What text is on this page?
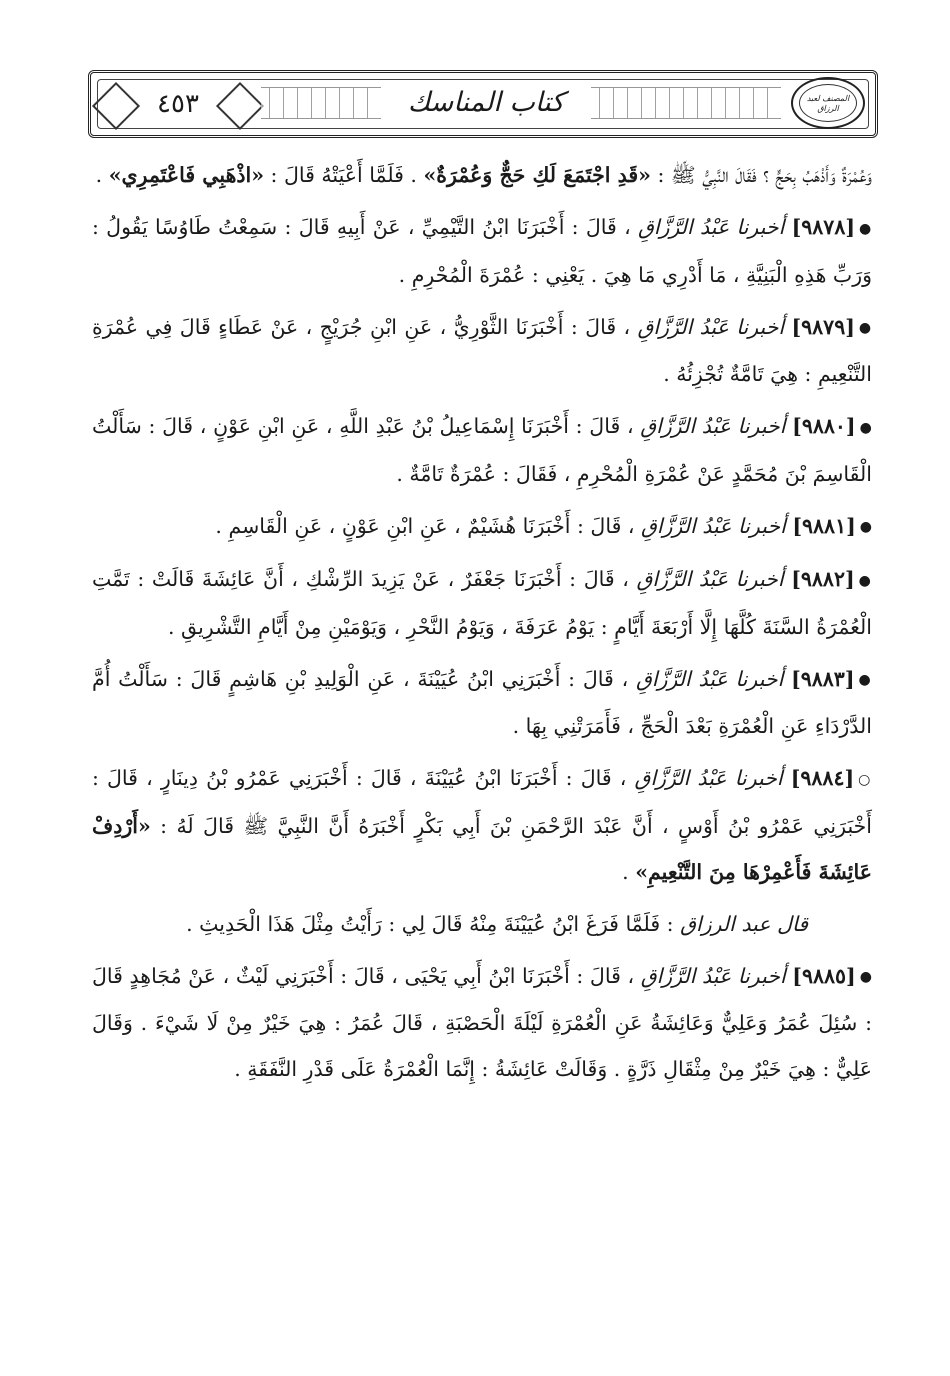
٤٥٣	كتاب المناسك	المصنف لعبد الرزاق

وَعُمْرَةٌ وَأَذْهَبُ بِحَجٍّ ؟ فَقَالَ النَّبِيُّ ﷺ : «قَدِ اجْتَمَعَ لَكِ حَجٌّ وَعُمْرَةٌ» . فَلَمَّا أَعْيَتْهُ قَالَ : «اذْهَبِي فَاعْتَمِرِي» .

●[٩٨٧٨] أخبرنا عَبْدُ الرَّزَّاقِ ، قَالَ : أَخْبَرَنَا ابْنُ التَّيْمِيِّ ، عَنْ أَبِيهِ قَالَ : سَمِعْتُ طَاوُسًا يَقُولُ : وَرَبِّ هَذِهِ الْبَنِيَّةِ ، مَا أَدْرِي مَا هِيَ . يَعْنِي : عُمْرَةَ الْمُحْرِمِ .

●[٩٨٧٩] أخبرنا عَبْدُ الرَّزَّاقِ ، قَالَ : أَخْبَرَنَا الثَّوْرِيُّ ، عَنِ ابْنِ جُرَيْجٍ ، عَنْ عَطَاءٍ قَالَ فِي عُمْرَةِ التَّنْعِيمِ : هِيَ تَامَّةٌ تُجْزِئُهُ .

●[٩٨٨٠] أخبرنا عَبْدُ الرَّزَّاقِ ، قَالَ : أَخْبَرَنَا إِسْمَاعِيلُ بْنُ عَبْدِ اللَّهِ ، عَنِ ابْنِ عَوْنٍ ، قَالَ : سَأَلْتُ الْقَاسِمَ بْنَ مُحَمَّدٍ عَنْ عُمْرَةِ الْمُحْرِمِ ، فَقَالَ : عُمْرَةٌ تَامَّةٌ .

●[٩٨٨١] أخبرنا عَبْدُ الرَّزَّاقِ ، قَالَ : أَخْبَرَنَا هُشَيْمٌ ، عَنِ ابْنِ عَوْنٍ ، عَنِ الْقَاسِمِ .

●[٩٨٨٢] أخبرنا عَبْدُ الرَّزَّاقِ ، قَالَ : أَخْبَرَنَا جَعْفَرٌ ، عَنْ يَزِيدَ الرِّشْكِ ، أَنَّ عَائِشَةَ قَالَتْ : تَمَّتِ الْعُمْرَةُ السَّنَةَ كُلَّهَا إِلَّا أَرْبَعَةَ أَيَّامٍ : يَوْمُ عَرَفَةَ ، وَيَوْمُ النَّحْرِ ، وَيَوْمَيْنِ مِنْ أَيَّامِ التَّشْرِيقِ .

●[٩٨٨٣] أخبرنا عَبْدُ الرَّزَّاقِ ، قَالَ : أَخْبَرَنِي ابْنُ عُيَيْنَةَ ، عَنِ الْوَلِيدِ بْنِ هَاشِمٍ قَالَ : سَأَلْتُ أُمَّ الدَّرْدَاءِ عَنِ الْعُمْرَةِ بَعْدَ الْحَجِّ ، فَأَمَرَتْنِي بِهَا .

○[٩٨٨٤] أخبرنا عَبْدُ الرَّزَّاقِ ، قَالَ : أَخْبَرَنَا ابْنُ عُيَيْنَةَ ، قَالَ : أَخْبَرَنِي عَمْرُو بْنُ دِينَارٍ ، قَالَ : أَخْبَرَنِي عَمْرُو بْنُ أَوْسٍ ، أَنَّ عَبْدَ الرَّحْمَنِ بْنَ أَبِي بَكْرٍ أَخْبَرَهُ أَنَّ النَّبِيَّ ﷺ قَالَ لَهُ : «أَرْدِفْ عَائِشَةَ فَأَعْمِرْهَا مِنَ التَّنْعِيمِ» .

قال عبد الرزاق : فَلَمَّا فَرَغَ ابْنُ عُيَيْنَةَ مِنْهُ قَالَ لِي : رَأَيْتُ مِثْلَ هَذَا الْحَدِيثِ .

●[٩٨٨٥] أخبرنا عَبْدُ الرَّزَّاقِ ، قَالَ : أَخْبَرَنَا ابْنُ أَبِي يَحْيَى ، قَالَ : أَخْبَرَنِي لَيْثٌ ، عَنْ مُجَاهِدٍ قَالَ : سُئِلَ عُمَرُ وَعَلِيٌّ وَعَائِشَةُ عَنِ الْعُمْرَةِ لَيْلَةَ الْحَصْبَةِ ، قَالَ عُمَرُ : هِيَ خَيْرٌ مِنْ لَا شَيْءَ . وَقَالَ عَلِيٌّ : هِيَ خَيْرٌ مِنْ مِثْقَالِ ذَرَّةٍ . وَقَالَتْ عَائِشَةُ : إِنَّمَا الْعُمْرَةُ عَلَى قَدْرِ النَّفَقَةِ .
